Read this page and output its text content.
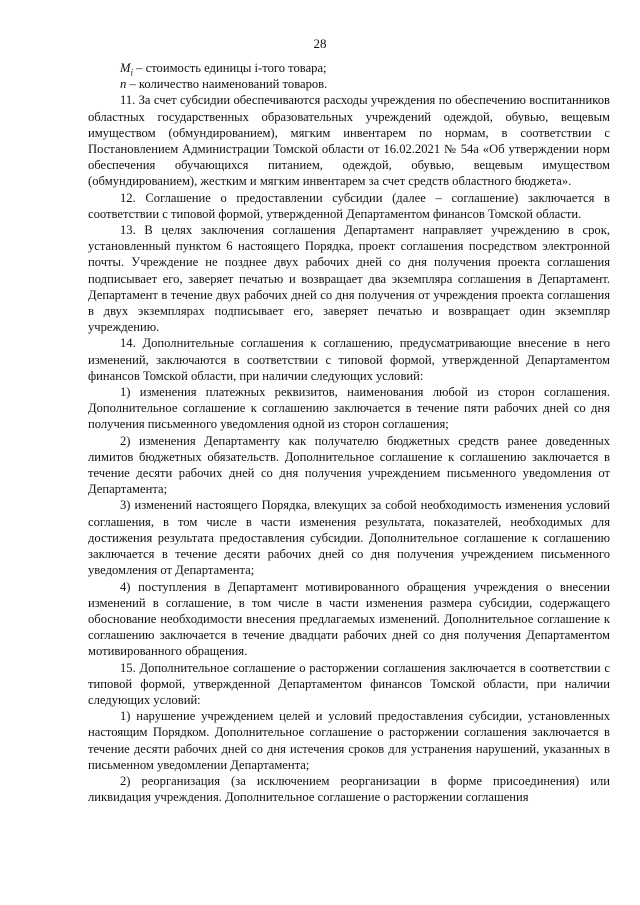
28

$M_i$ – стоимость единицы i-того товара;

n – количество наименований товаров.

11. За счет субсидии обеспечиваются расходы учреждения по обеспечению воспитанников областных государственных образовательных учреждений одеждой, обувью, вещевым имуществом (обмундированием), мягким инвентарем по нормам, в соответствии с Постановлением Администрации Томской области от 16.02.2021 № 54а «Об утверждении норм обеспечения обучающихся питанием, одеждой, обувью, вещевым имуществом (обмундированием), жестким и мягким инвентарем за счет средств областного бюджета».

12. Соглашение о предоставлении субсидии (далее – соглашение) заключается в соответствии с типовой формой, утвержденной Департаментом финансов Томской области.

13. В целях заключения соглашения Департамент направляет учреждению в срок, установленный пунктом 6 настоящего Порядка, проект соглашения посредством электронной почты. Учреждение не позднее двух рабочих дней со дня получения проекта соглашения подписывает его, заверяет печатью и возвращает два экземпляра соглашения в Департамент. Департамент в течение двух рабочих дней со дня получения от учреждения проекта соглашения в двух экземплярах подписывает его, заверяет печатью и возвращает один экземпляр учреждению.

14. Дополнительные соглашения к соглашению, предусматривающие внесение в него изменений, заключаются в соответствии с типовой формой, утвержденной Департаментом финансов Томской области, при наличии следующих условий:

1) изменения платежных реквизитов, наименования любой из сторон соглашения. Дополнительное соглашение к соглашению заключается в течение пяти рабочих дней со дня получения письменного уведомления одной из сторон соглашения;

2) изменения Департаменту как получателю бюджетных средств ранее доведенных лимитов бюджетных обязательств. Дополнительное соглашение к соглашению заключается в течение десяти рабочих дней со дня получения учреждением письменного уведомления от Департамента;

3) изменений настоящего Порядка, влекущих за собой необходимость изменения условий соглашения, в том числе в части изменения результата, показателей, необходимых для достижения результата предоставления субсидии. Дополнительное соглашение к соглашению заключается в течение десяти рабочих дней со дня получения учреждением письменного уведомления от Департамента;

4) поступления в Департамент мотивированного обращения учреждения о внесении изменений в соглашение, в том числе в части изменения размера субсидии, содержащего обоснование необходимости внесения предлагаемых изменений. Дополнительное соглашение к соглашению заключается в течение двадцати рабочих дней со дня получения Департаментом мотивированного обращения.

15. Дополнительное соглашение о расторжении соглашения заключается в соответствии с типовой формой, утвержденной Департаментом финансов Томской области, при наличии следующих условий:

1) нарушение учреждением целей и условий предоставления субсидии, установленных настоящим Порядком. Дополнительное соглашение о расторжении соглашения заключается в течение десяти рабочих дней со дня истечения сроков для устранения нарушений, указанных в письменном уведомлении Департамента;

2) реорганизация (за исключением реорганизации в форме присоединения) или ликвидация учреждения. Дополнительное соглашение о расторжении соглашения
